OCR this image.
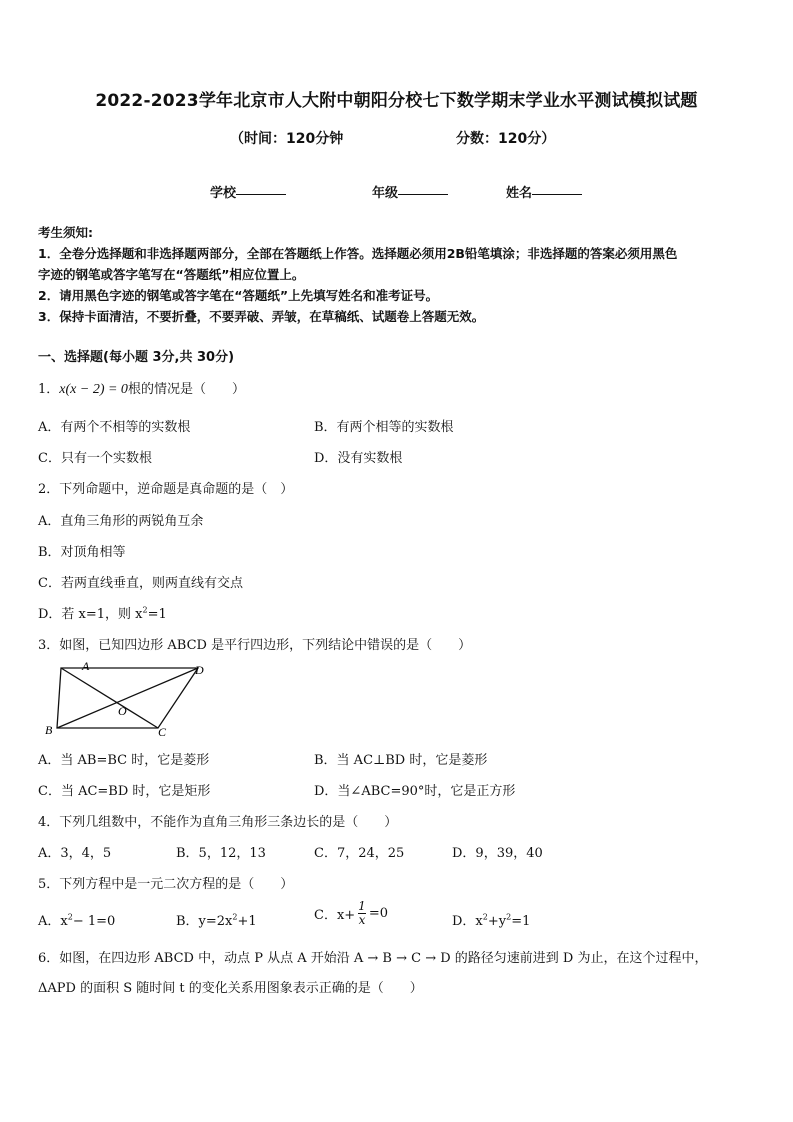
2022-2023学年北京市人大附中朝阳分校七下数学期末学业水平测试模拟试题
（时间：120分钟	分数：120分）
学校	年级	姓名
考生须知:
1．全卷分选择题和非选择题两部分，全部在答题纸上作答。选择题必须用2B铅笔填涂；非选择题的答案必须用黑色
字迹的钢笔或答字笔写在“答题纸”相应位置上。
2．请用黑色字迹的钢笔或答字笔在“答题纸”上先填写姓名和准考证号。
3．保持卡面清洁，不要折叠，不要弄破、弄皱，在草稿纸、试题卷上答题无效。
一、选择题(每小题 3分,共 30分)
1．x(x − 2) = 0根的情况是（　　）
A．有两个不相等的实数根	B．有两个相等的实数根
C．只有一个实数根	D．没有实数根
2．下列命题中，逆命题是真命题的是（　）
A．直角三角形的两锐角互余
B．对顶角相等
C．若两直线垂直，则两直线有交点
D．若 x=1，则 $x^2=1$
3．如图，已知四边形 ABCD 是平行四边形，下列结论中错误的是（　　）
A	D
B	C
O
A．当 AB=BC 时，它是菱形	B．当 AC⊥BD 时，它是菱形
C．当 AC=BD 时，它是矩形	D．当∠ABC=90°时，它是正方形
4．下列几组数中，不能作为直角三角形三条边长的是（　　）
A．3，4，5	B．5，12，13	C．7，24，25	D．9，39，40
5．下列方程中是一元二次方程的是（　　）
A．$x^2- 1=0$	B．$y=2x^2+1$	C．$x+ \frac{1}{x} =0$
D．$x^2+y^2=1$
6．如图，在四边形 ABCD 中，动点 P 从点 A 开始沿 A → B → C → D 的路径匀速前进到 D 为止，在这个过程中，
ΔAPD 的面积 S 随时间 t 的变化关系用图象表示正确的是（　　）
